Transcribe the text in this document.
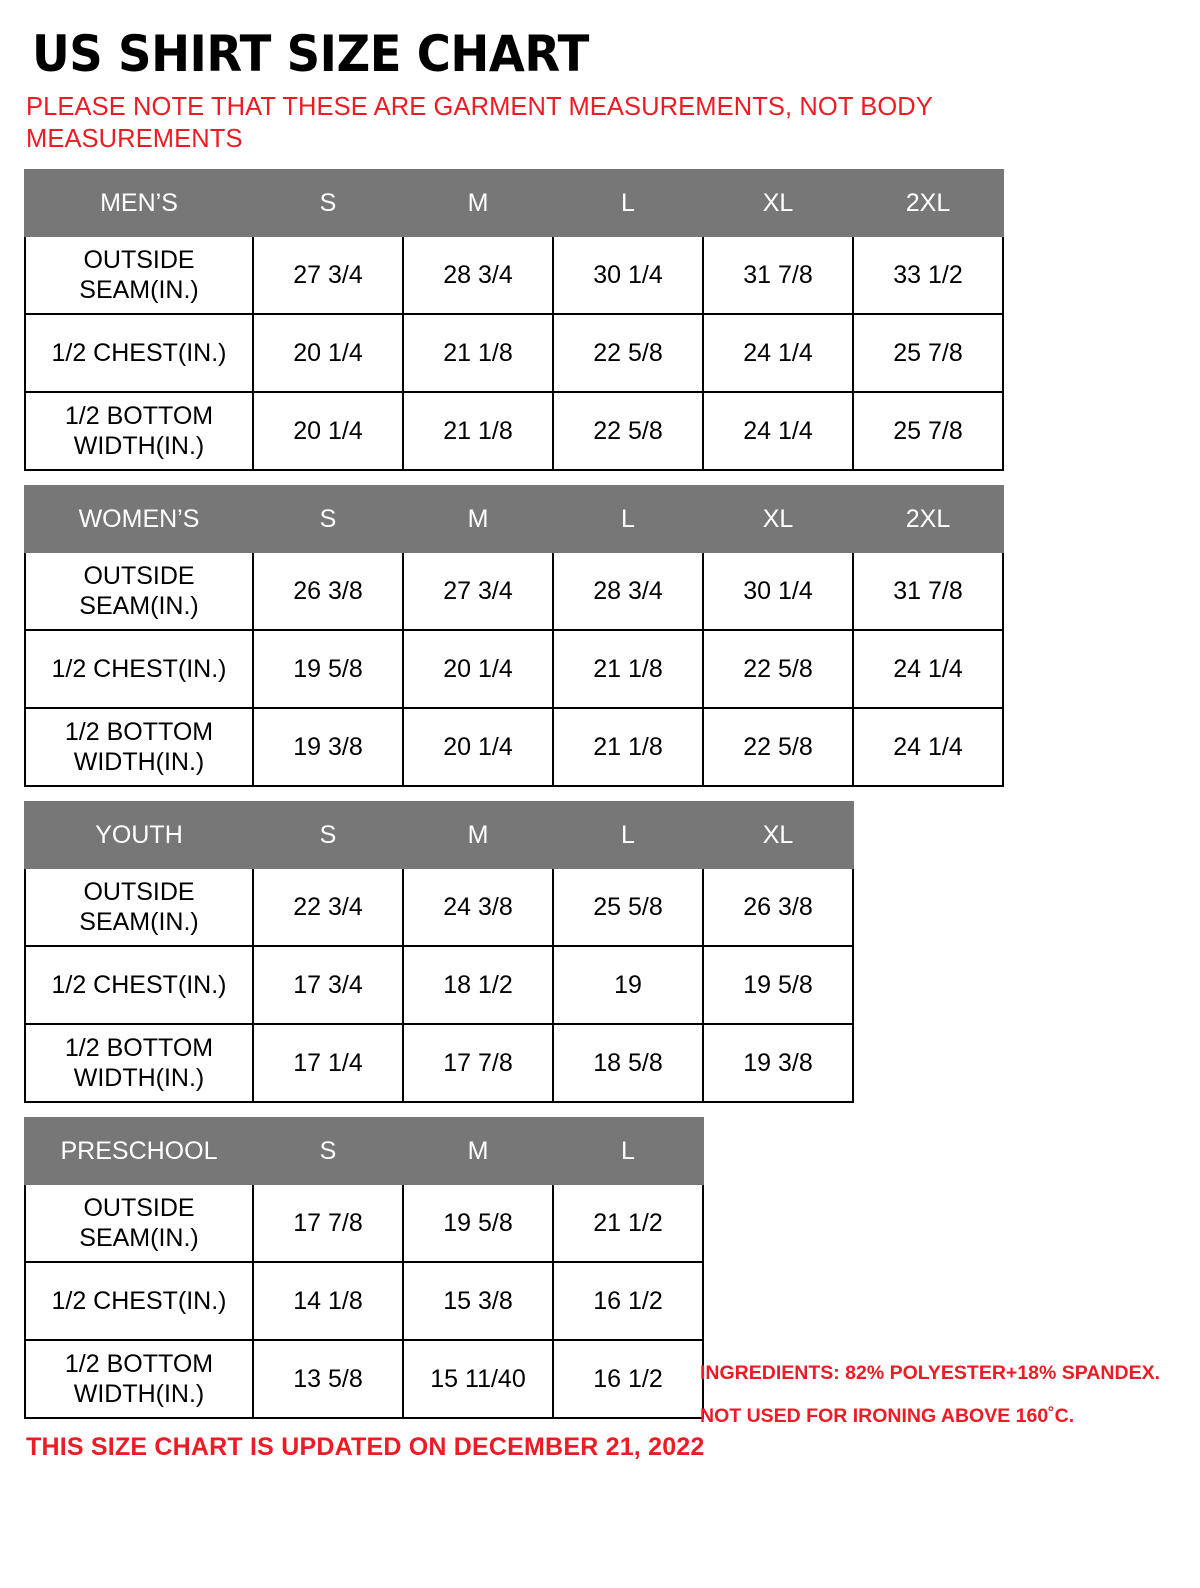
US SHIRT SIZE CHART

PLEASE NOTE THAT THESE ARE GARMENT MEASUREMENTS, NOT BODY MEASUREMENTS

MEN’S	S	M	L	XL	2XL
OUTSIDE SEAM(IN.)	27 3/4	28 3/4	30 1/4	31 7/8	33 1/2
1/2 CHEST(IN.)	20 1/4	21 1/8	22 5/8	24 1/4	25 7/8
1/2 BOTTOM WIDTH(IN.)	20 1/4	21 1/8	22 5/8	24 1/4	25 7/8
WOMEN’S	S	M	L	XL	2XL
OUTSIDE SEAM(IN.)	26 3/8	27 3/4	28 3/4	30 1/4	31 7/8
1/2 CHEST(IN.)	19 5/8	20 1/4	21 1/8	22 5/8	24 1/4
1/2 BOTTOM WIDTH(IN.)	19 3/8	20 1/4	21 1/8	22 5/8	24 1/4
YOUTH	S	M	L	XL
OUTSIDE SEAM(IN.)	22 3/4	24 3/8	25 5/8	26 3/8
1/2 CHEST(IN.)	17 3/4	18 1/2	19	19 5/8
1/2 BOTTOM WIDTH(IN.)	17 1/4	17 7/8	18 5/8	19 3/8
PRESCHOOL	S	M	L
OUTSIDE SEAM(IN.)	17 7/8	19 5/8	21 1/2
1/2 CHEST(IN.)	14 1/8	15 3/8	16 1/2
1/2 BOTTOM WIDTH(IN.)	13 5/8	15 11/40	16 1/2

THIS SIZE CHART IS UPDATED ON DECEMBER 21, 2022

INGREDIENTS: 82% POLYESTER+18% SPANDEX.
NOT USED FOR IRONING ABOVE 160˚C.
